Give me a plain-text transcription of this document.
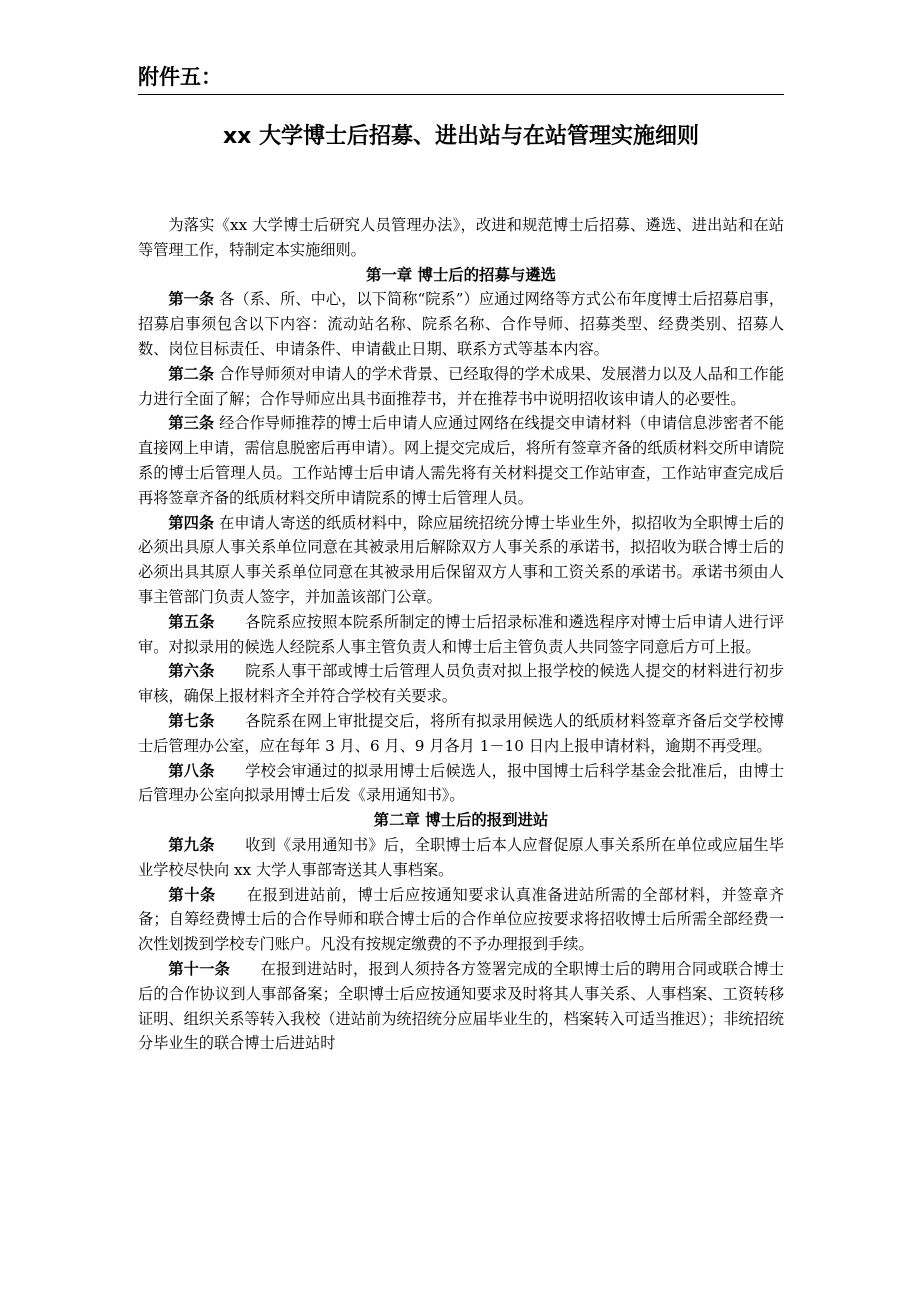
附件五：
xx 大学博士后招募、进出站与在站管理实施细则

为落实《xx 大学博士后研究人员管理办法》，改进和规范博士后招募、遴选、进出站和在站等管理工作，特制定本实施细则。

第一章 博士后的招募与遴选

第一条 各（系、所、中心，以下简称“院系”）应通过网络等方式公布年度博士后招募启事，招募启事须包含以下内容：流动站名称、院系名称、合作导师、招募类型、经费类别、招募人数、岗位目标责任、申请条件、申请截止日期、联系方式等基本内容。

第二条 合作导师须对申请人的学术背景、已经取得的学术成果、发展潜力以及人品和工作能力进行全面了解；合作导师应出具书面推荐书，并在推荐书中说明招收该申请人的必要性。

第三条 经合作导师推荐的博士后申请人应通过网络在线提交申请材料（申请信息涉密者不能直接网上申请，需信息脱密后再申请）。网上提交完成后，将所有签章齐备的纸质材料交所申请院系的博士后管理人员。工作站博士后申请人需先将有关材料提交工作站审查，工作站审查完成后再将签章齐备的纸质材料交所申请院系的博士后管理人员。

第四条 在申请人寄送的纸质材料中，除应届统招统分博士毕业生外，拟招收为全职博士后的必须出具原人事关系单位同意在其被录用后解除双方人事关系的承诺书，拟招收为联合博士后的必须出具其原人事关系单位同意在其被录用后保留双方人事和工资关系的承诺书。承诺书须由人事主管部门负责人签字，并加盖该部门公章。

第五条 各院系应按照本院系所制定的博士后招录标准和遴选程序对博士后申请人进行评审。对拟录用的候选人经院系人事主管负责人和博士后主管负责人共同签字同意后方可上报。

第六条 院系人事干部或博士后管理人员负责对拟上报学校的候选人提交的材料进行初步审核，确保上报材料齐全并符合学校有关要求。

第七条 各院系在网上审批提交后，将所有拟录用候选人的纸质材料签章齐备后交学校博士后管理办公室，应在每年 3 月、6 月、9 月各月 1－10 日内上报申请材料，逾期不再受理。

第八条 学校会审通过的拟录用博士后候选人，报中国博士后科学基金会批准后，由博士后管理办公室向拟录用博士后发《录用通知书》。

第二章 博士后的报到进站

第九条 收到《录用通知书》后，全职博士后本人应督促原人事关系所在单位或应届生毕业学校尽快向 xx 大学人事部寄送其人事档案。

第十条 在报到进站前，博士后应按通知要求认真准备进站所需的全部材料，并签章齐备；自筹经费博士后的合作导师和联合博士后的合作单位应按要求将招收博士后所需全部经费一次性划拨到学校专门账户。凡没有按规定缴费的不予办理报到手续。

第十一条 在报到进站时，报到人须持各方签署完成的全职博士后的聘用合同或联合博士后的合作协议到人事部备案；全职博士后应按通知要求及时将其人事关系、人事档案、工资转移证明、组织关系等转入我校（进站前为统招统分应届毕业生的，档案转入可适当推迟）；非统招统分毕业生的联合博士后进站时
